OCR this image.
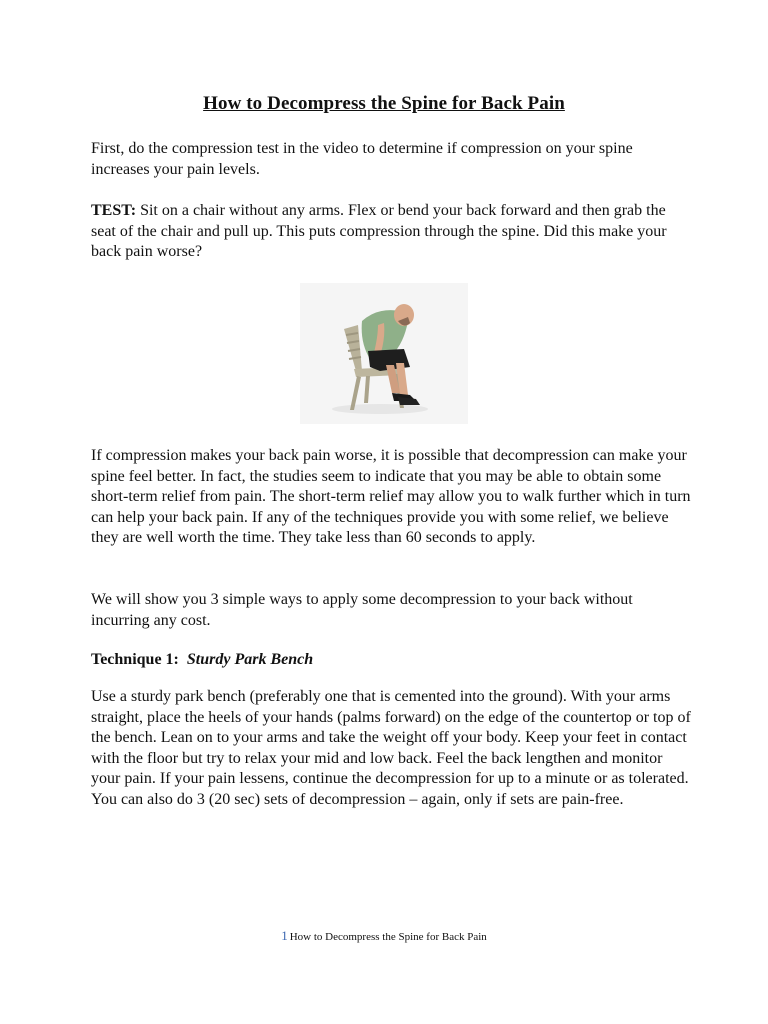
How to Decompress the Spine for Back Pain
First, do the compression test in the video to determine if compression on your spine increases your pain levels.
TEST: Sit on a chair without any arms. Flex or bend your back forward and then grab the seat of the chair and pull up. This puts compression through the spine. Did this make your back pain worse?
If compression makes your back pain worse, it is possible that decompression can make your spine feel better. In fact, the studies seem to indicate that you may be able to obtain some short-term relief from pain. The short-term relief may allow you to walk further which in turn can help your back pain. If any of the techniques provide you with some relief, we believe they are well worth the time. They take less than 60 seconds to apply.
We will show you 3 simple ways to apply some decompression to your back without incurring any cost.
Technique 1: Sturdy Park Bench
Use a sturdy park bench (preferably one that is cemented into the ground). With your arms straight, place the heels of your hands (palms forward) on the edge of the countertop or top of the bench. Lean on to your arms and take the weight off your body. Keep your feet in contact with the floor but try to relax your mid and low back. Feel the back lengthen and monitor your pain. If your pain lessens, continue the decompression for up to a minute or as tolerated. You can also do 3 (20 sec) sets of decompression – again, only if sets are pain-free.
1 How to Decompress the Spine for Back Pain
